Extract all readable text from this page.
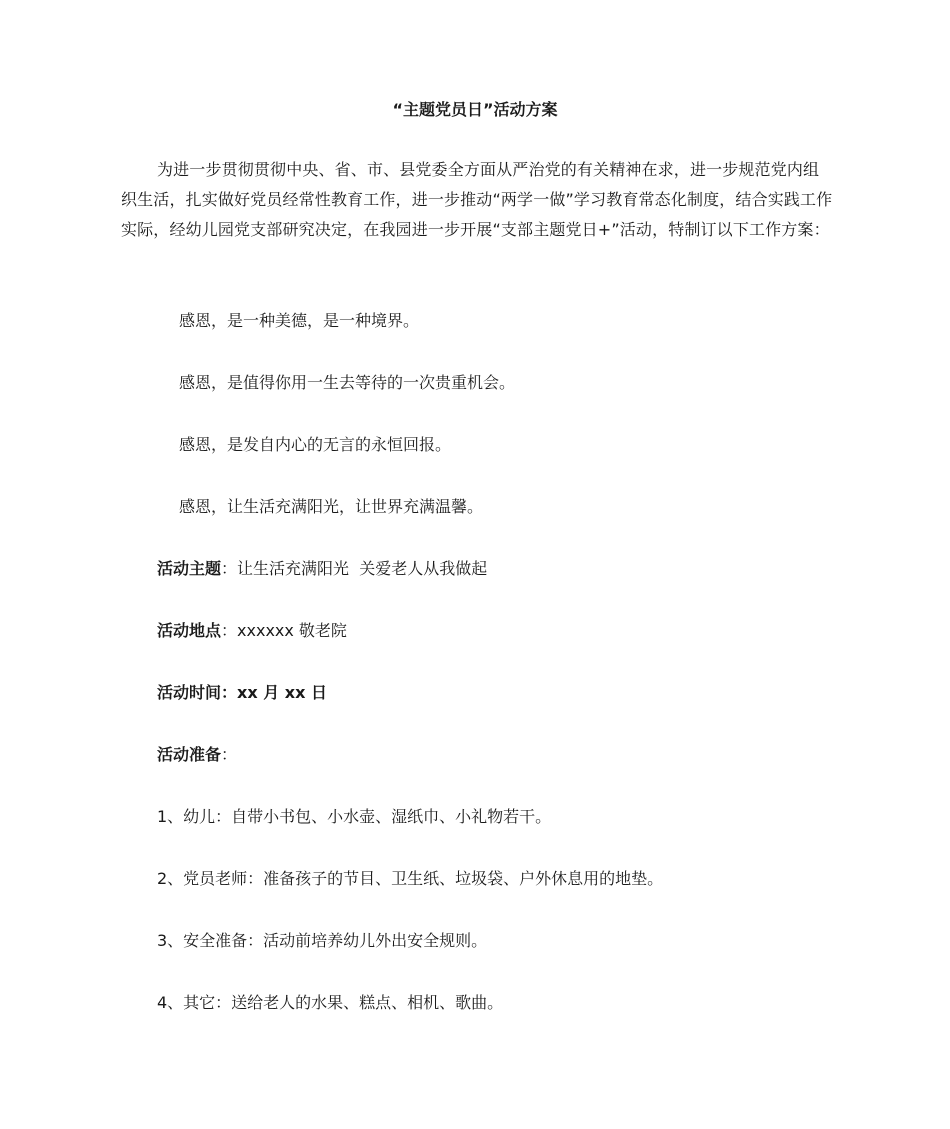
“主题党员日”活动方案

为进一步贯彻贯彻中央、省、市、县党委全方面从严治党的有关精神在求，进一步规范党内组织生活，扎实做好党员经常性教育工作，进一步推动“两学一做”学习教育常态化制度，结合实践工作实际，经幼儿园党支部研究决定，在我园进一步开展“支部主题党日+”活动，特制订以下工作方案：

感恩，是一种美德，是一种境界。

感恩，是值得你用一生去等待的一次贵重机会。

感恩，是发自内心的无言的永恒回报。

感恩，让生活充满阳光，让世界充满温馨。

活动主题：让生活充满阳光  关爱老人从我做起

活动地点：xxxxxx 敬老院

活动时间：xx 月 xx 日

活动准备：

1、幼儿：自带小书包、小水壶、湿纸巾、小礼物若干。

2、党员老师：准备孩子的节目、卫生纸、垃圾袋、户外休息用的地垫。

3、安全准备：活动前培养幼儿外出安全规则。

4、其它：送给老人的水果、糕点、相机、歌曲。
